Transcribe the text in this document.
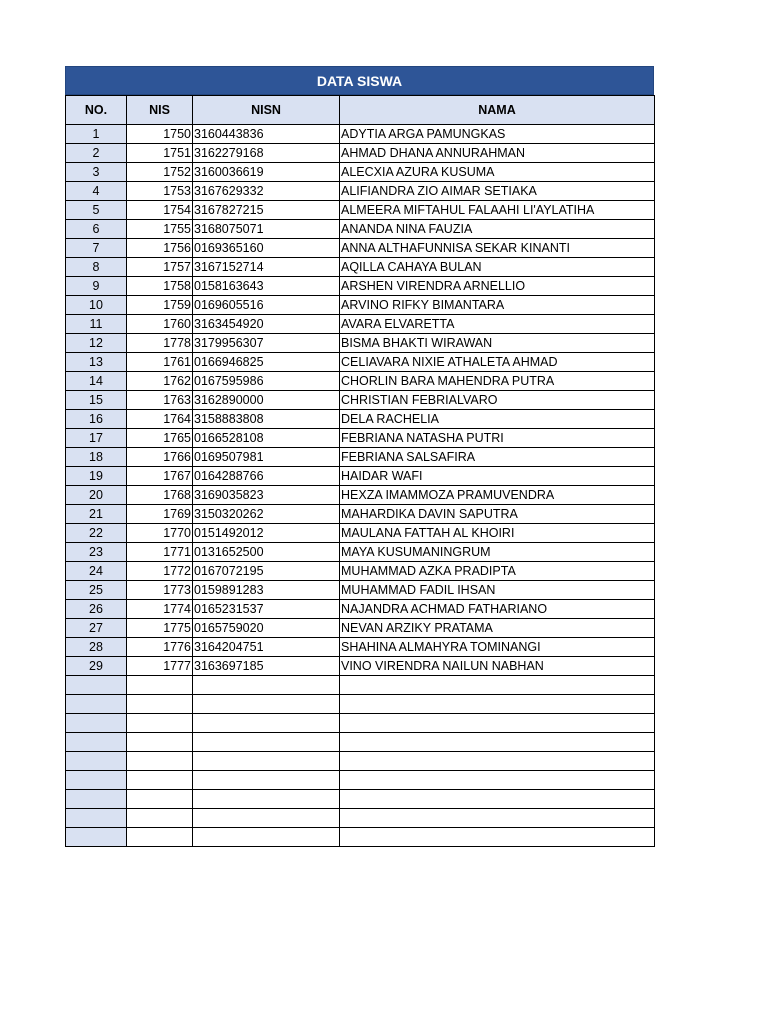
DATA SISWA
NO.	NIS	NISN	NAMA
1	1750	3160443836	ADYTIA ARGA PAMUNGKAS
2	1751	3162279168	AHMAD DHANA ANNURAHMAN
3	1752	3160036619	ALECXIA AZURA KUSUMA
4	1753	3167629332	ALIFIANDRA ZIO AIMAR SETIAKA
5	1754	3167827215	ALMEERA MIFTAHUL FALAAHI LI'AYLATIHA
6	1755	3168075071	ANANDA NINA FAUZIA
7	1756	0169365160	ANNA ALTHAFUNNISA SEKAR KINANTI
8	1757	3167152714	AQILLA CAHAYA BULAN
9	1758	0158163643	ARSHEN VIRENDRA ARNELLIO
10	1759	0169605516	ARVINO RIFKY BIMANTARA
11	1760	3163454920	AVARA ELVARETTA
12	1778	3179956307	BISMA BHAKTI WIRAWAN
13	1761	0166946825	CELIAVARA NIXIE ATHALETA AHMAD
14	1762	0167595986	CHORLIN BARA MAHENDRA PUTRA
15	1763	3162890000	CHRISTIAN FEBRIALVARO
16	1764	3158883808	DELA RACHELIA
17	1765	0166528108	FEBRIANA NATASHA PUTRI
18	1766	0169507981	FEBRIANA SALSAFIRA
19	1767	0164288766	HAIDAR WAFI
20	1768	3169035823	HEXZA IMAMMOZA PRAMUVENDRA
21	1769	3150320262	MAHARDIKA DAVIN SAPUTRA
22	1770	0151492012	MAULANA FATTAH AL KHOIRI
23	1771	0131652500	MAYA KUSUMANINGRUM
24	1772	0167072195	MUHAMMAD AZKA PRADIPTA
25	1773	0159891283	MUHAMMAD FADIL IHSAN
26	1774	0165231537	NAJANDRA ACHMAD FATHARIANO
27	1775	0165759020	NEVAN ARZIKY PRATAMA
28	1776	3164204751	SHAHINA ALMAHYRA TOMINANGI
29	1777	3163697185	VINO VIRENDRA NAILUN NABHAN
